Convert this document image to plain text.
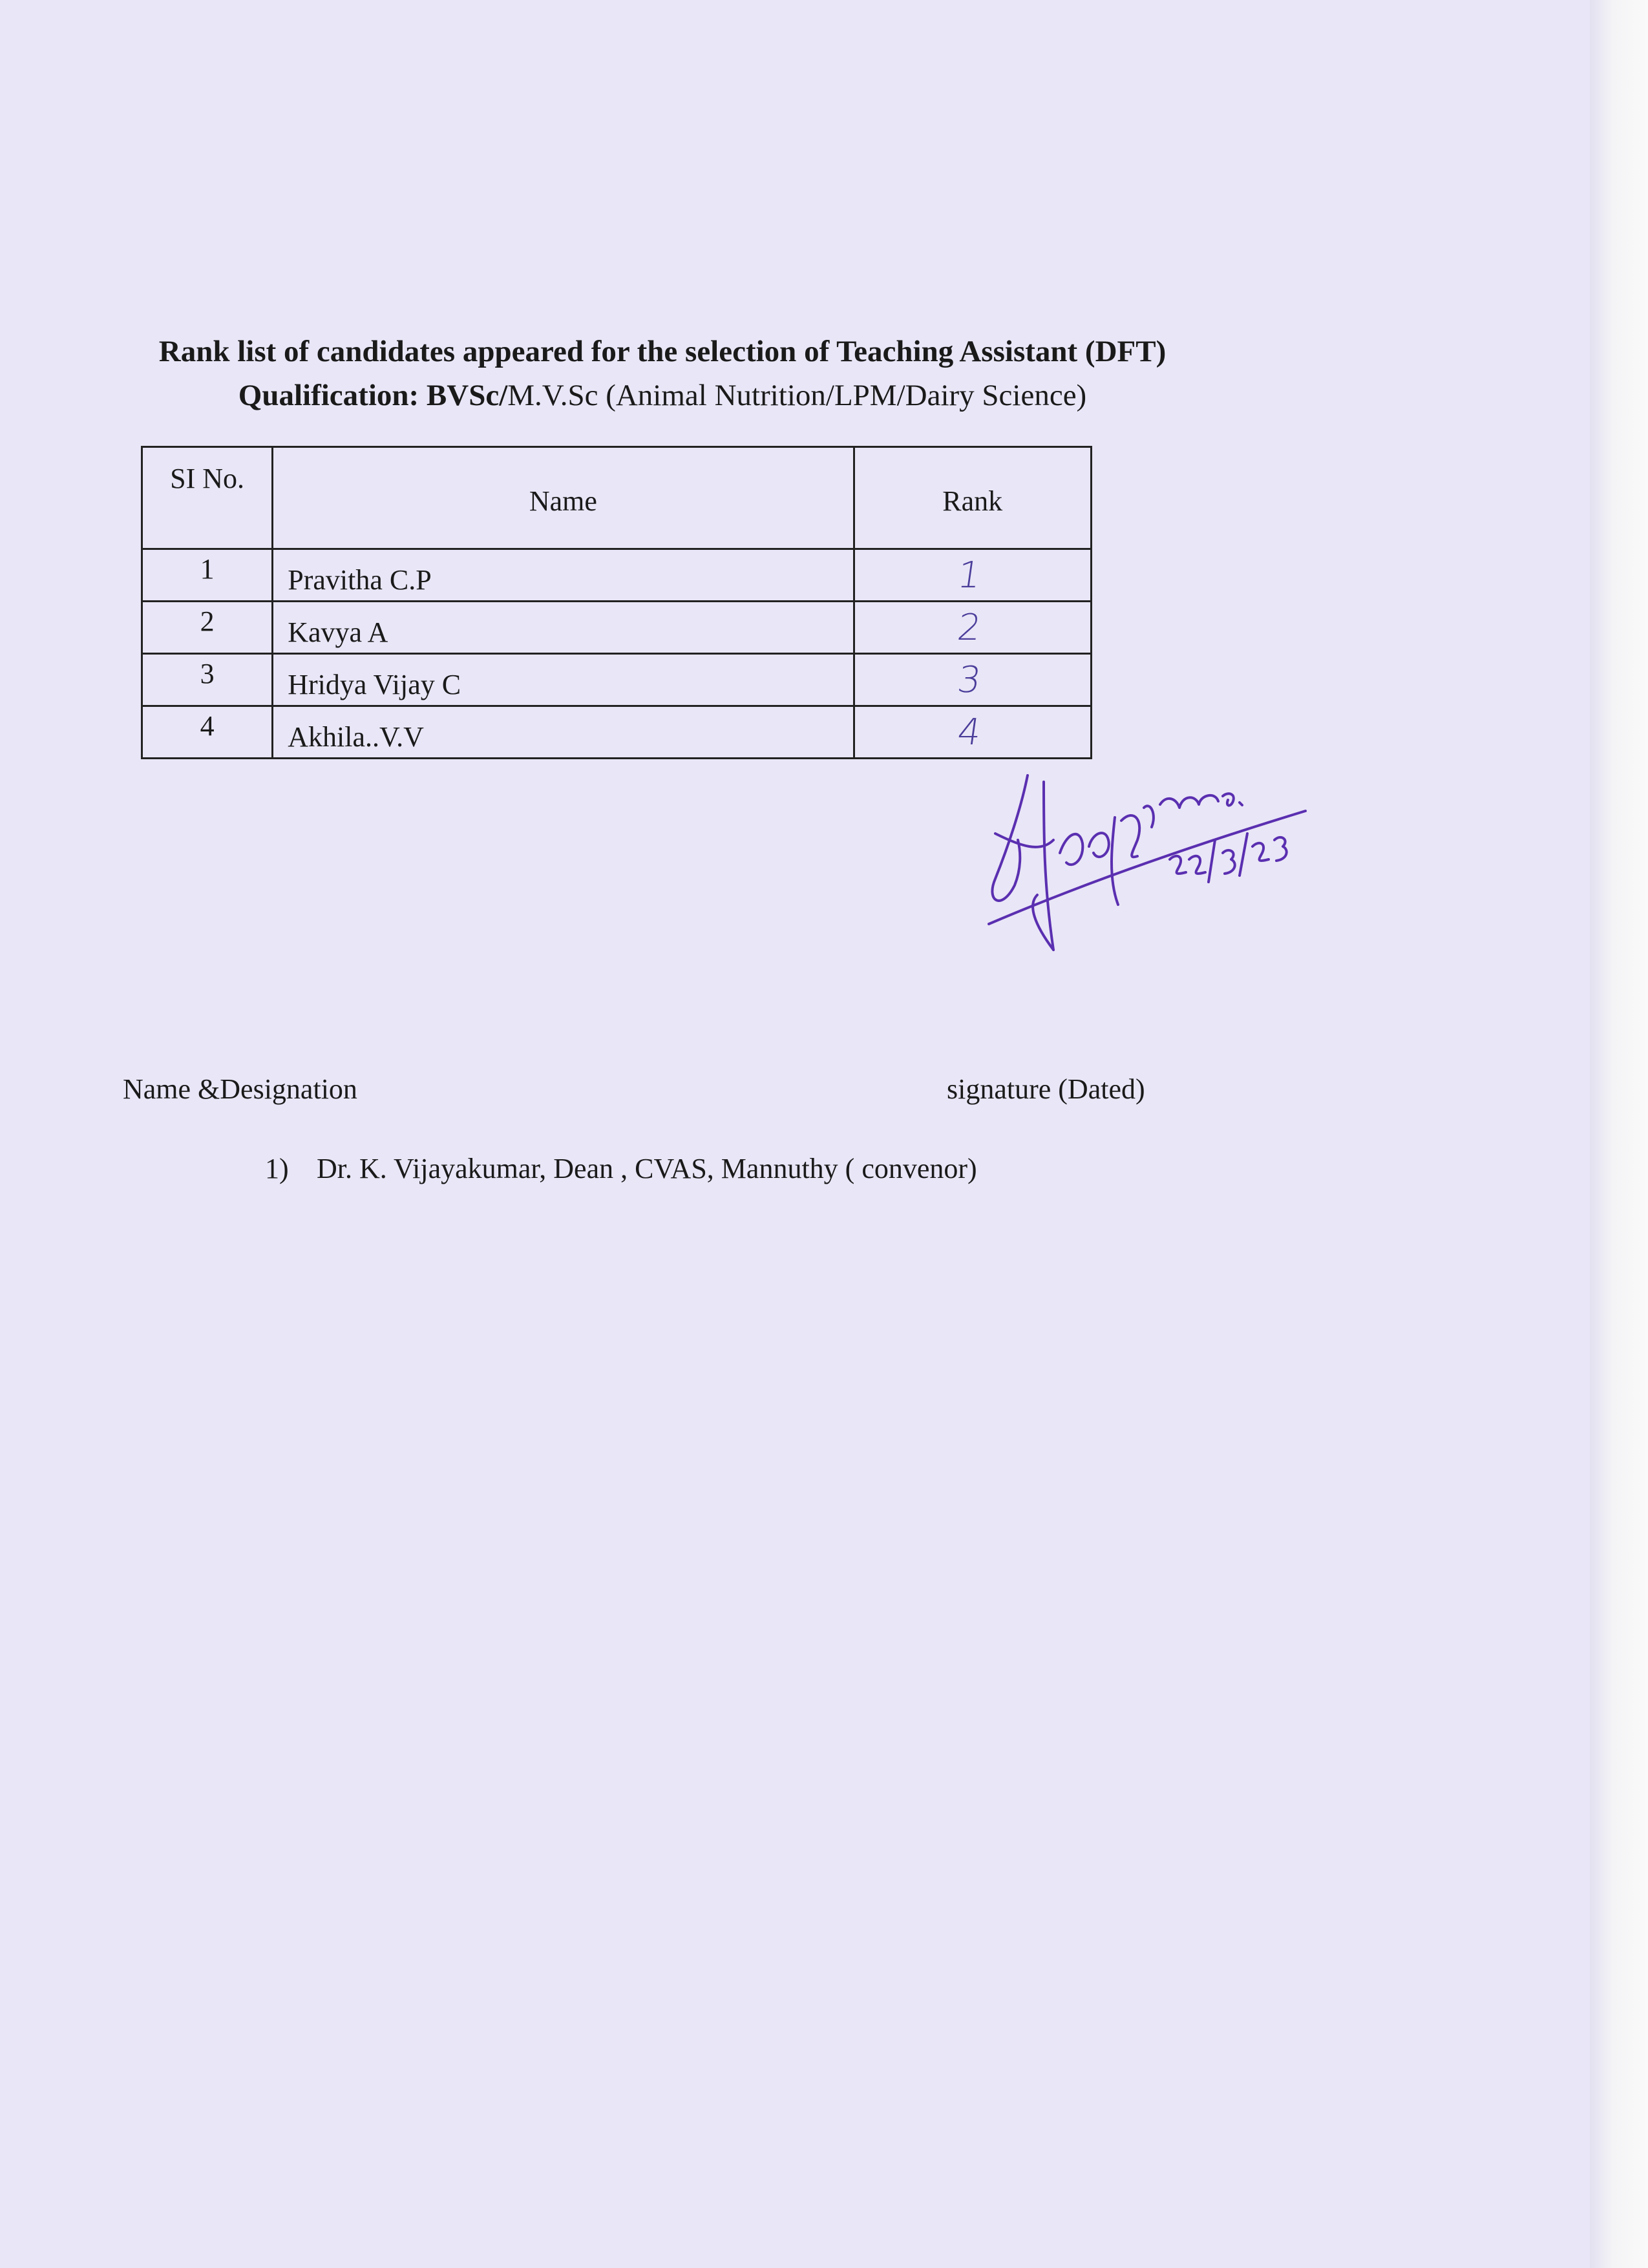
Rank list of candidates appeared for the selection of Teaching Assistant (DFT)
Qualification: BVSc/M.V.Sc (Animal Nutrition/LPM/Dairy Science)
SI No.	Name	Rank
1	Pravitha C.P	1
2	Kavya A	2
3	Hridya Vijay C	3
4	Akhila..V.V	4
Vijayakumar.
22/3/23
Name &Designation	signature (Dated)
1) Dr. K. Vijayakumar, Dean , CVAS, Mannuthy ( convenor)
